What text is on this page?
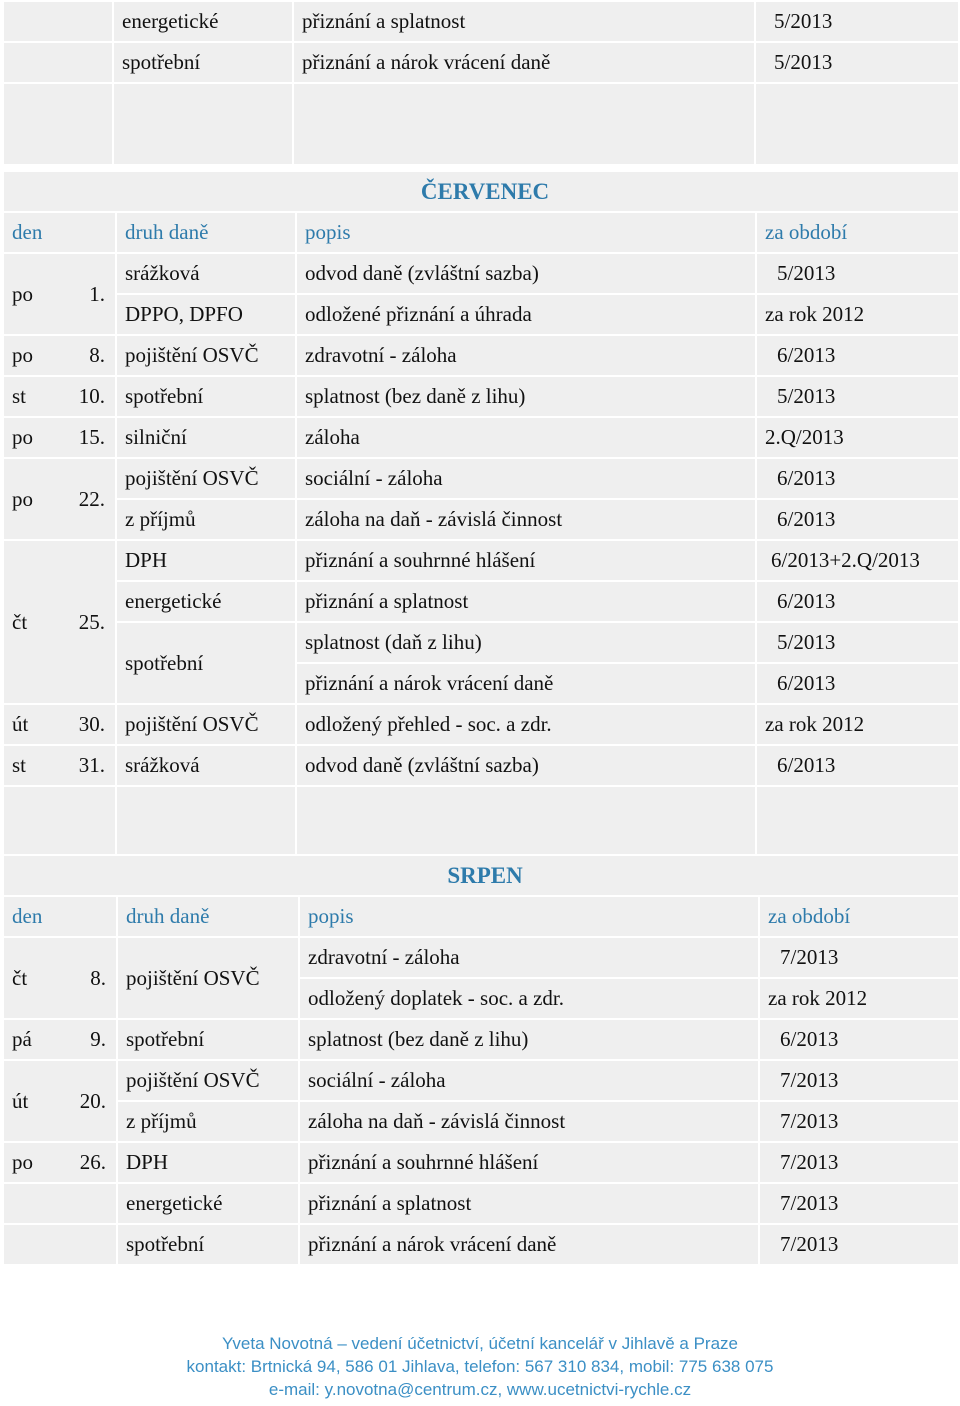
	energetické	přiznání a splatnost	5/2013
	spotřební	přiznání a nárok vrácení daně	5/2013

ČERVENEC			
den	druh daně	popis	za období

po 1.	srážková	odvod daně (zvláštní sazba)	5/2013
	DPPO, DPFO	odložené přiznání a úhrada	za rok 2012

po 8.	pojištění OSVČ	zdravotní - záloha	6/2013

st 10.	spotřební	splatnost (bez daně z lihu)	5/2013

po 15.	silniční	záloha	2.Q/2013

po 22.	pojištění OSVČ	sociální - záloha	6/2013
	z příjmů	záloha na daň - závislá činnost	6/2013

čt 25.	DPH	přiznání a souhrnné hlášení	6/2013+2.Q/2013
	energetické	přiznání a splatnost	6/2013
	spotřební	splatnost (daň z lihu)	5/2013
		přiznání a nárok vrácení daně	6/2013

út 30.	pojištění OSVČ	odložený přehled - soc. a zdr.	za rok 2012

st 31.	srážková	odvod daně (zvláštní sazba)	6/2013

SRPEN			
den	druh daně	popis	za období

čt 8.	pojištění OSVČ	zdravotní - záloha	7/2013
		odložený doplatek - soc. a zdr.	za rok 2012

pá 9.	spotřební	splatnost (bez daně z lihu)	6/2013

út 20.	pojištění OSVČ	sociální - záloha	7/2013
	z příjmů	záloha na daň - závislá činnost	7/2013

po 26.	DPH	přiznání a souhrnné hlášení	7/2013
	energetické	přiznání a splatnost	7/2013
	spotřební	přiznání a nárok vrácení daně	7/2013
Yveta Novotná – vedení účetnictví, účetní kancelář v Jihlavě a Praze
kontakt: Brtnická 94, 586 01 Jihlava, telefon: 567 310 834, mobil: 775 638 075
e-mail: y.novotna@centrum.cz, www.ucetnictvi-rychle.cz
